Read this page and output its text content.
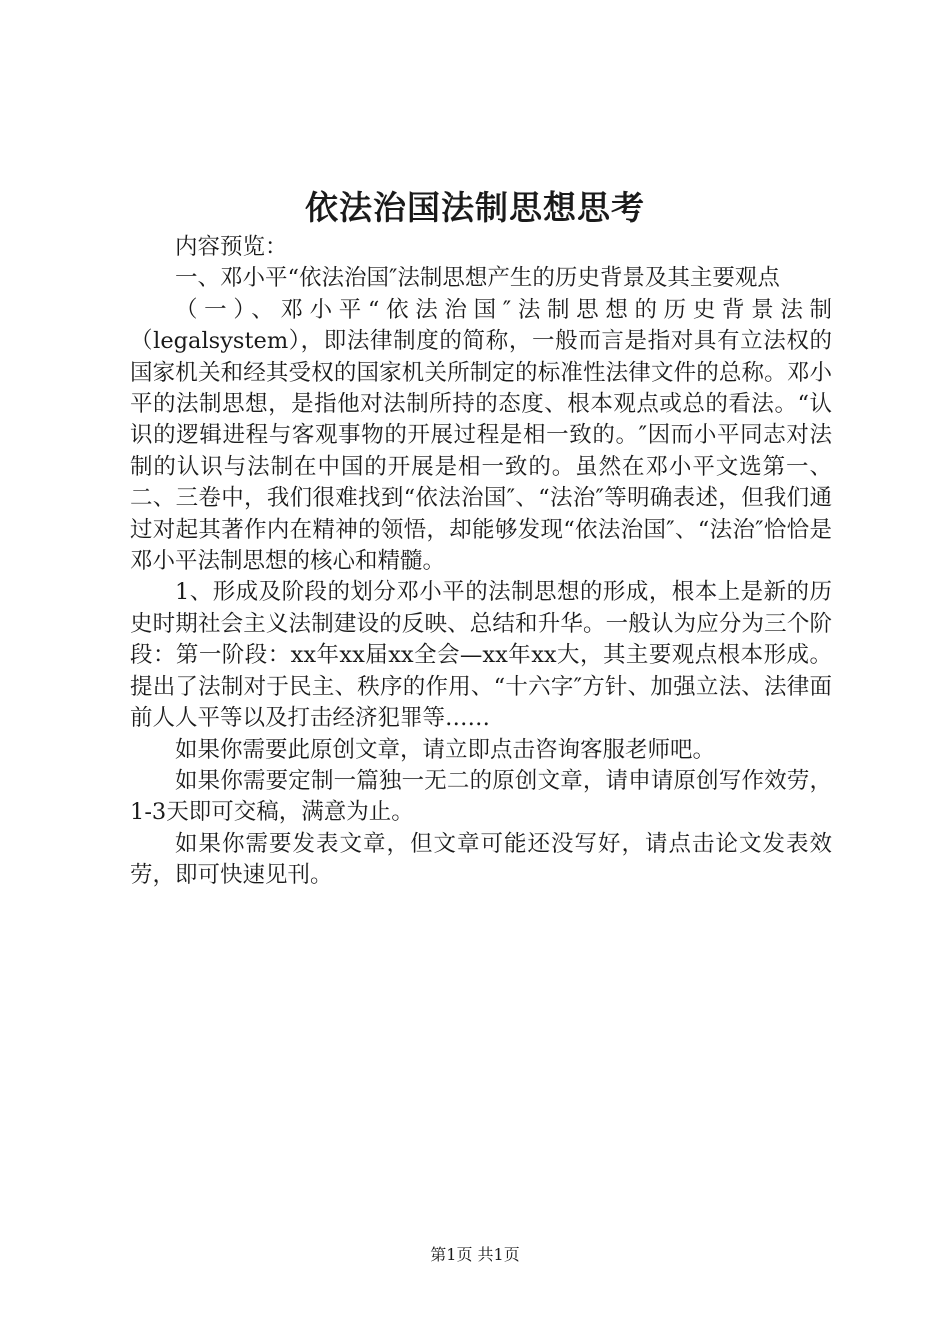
依法治国法制思想思考

内容预览：

一、邓小平“依法治国″法制思想产生的历史背景及其主要观点

（一）、邓小平“依法治国″法制思想的历史背景法制（legalsystem），即法律制度的简称，一般而言是指对具有立法权的国家机关和经其受权的国家机关所制定的标准性法律文件的总称。邓小平的法制思想，是指他对法制所持的态度、根本观点或总的看法。“认识的逻辑进程与客观事物的开展过程是相一致的。″因而小平同志对法制的认识与法制在中国的开展是相一致的。虽然在邓小平文选第一、二、三卷中，我们很难找到“依法治国″、“法治″等明确表述，但我们通过对起其著作内在精神的领悟，却能够发现“依法治国″、“法治″恰恰是邓小平法制思想的核心和精髓。

1、形成及阶段的划分邓小平的法制思想的形成，根本上是新的历史时期社会主义法制建设的反映、总结和升华。一般认为应分为三个阶段：第一阶段：xx年xx届xx全会—xx年xx大，其主要观点根本形成。提出了法制对于民主、秩序的作用、“十六字″方针、加强立法、法律面前人人平等以及打击经济犯罪等……

如果你需要此原创文章，请立即点击咨询客服老师吧。

如果你需要定制一篇独一无二的原创文章，请申请原创写作效劳，1-3天即可交稿，满意为止。

如果你需要发表文章，但文章可能还没写好，请点击论文发表效劳，即可快速见刊。

第1页 共1页
